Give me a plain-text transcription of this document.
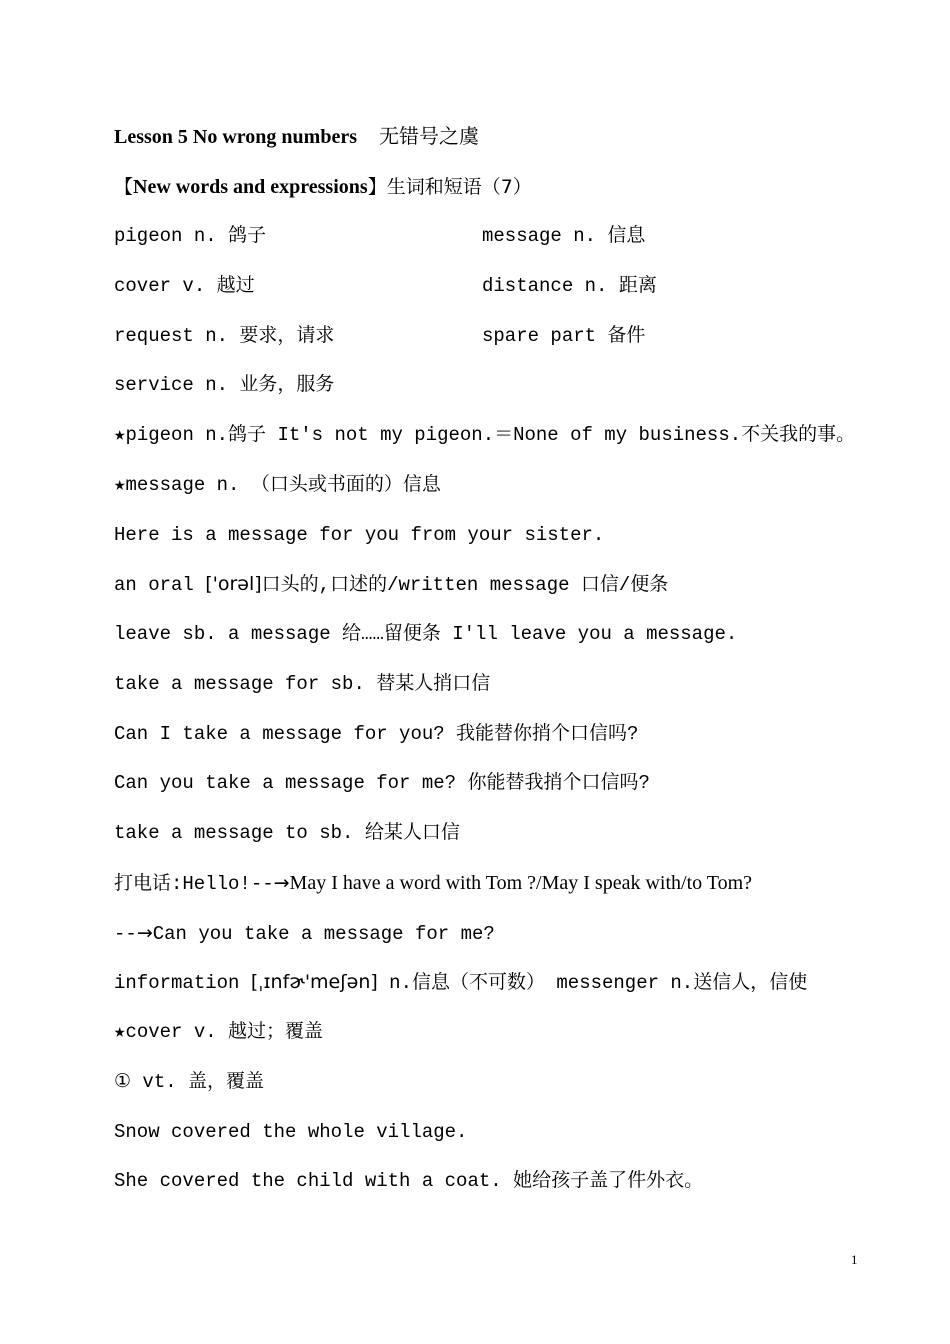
Lesson 5 No wrong numbers 无错号之虞
【New words and expressions】生词和短语（7）
pigeon n. 鸽子	message n. 信息
cover v. 越过	distance n. 距离
request n. 要求，请求	spare part 备件
service n. 业务，服务
★pigeon n.鸽子 It's not my pigeon.＝None of my business.不关我的事。
★message n. （口头或书面的）信息
Here is a message for you from your sister.
an oral ['orəl]口头的,口述的/written message 口信/便条
leave sb. a message 给……留便条 I'll leave you a message.
take a message for sb. 替某人捎口信
Can I take a message for you? 我能替你捎个口信吗?
Can you take a message for me? 你能替我捎个口信吗?
take a message to sb. 给某人口信
打电话:Hello!--→May I have a word with Tom ?/May I speak with/to Tom?
--→Can you take a message for me?
information [ˌɪnfɚ'meʃən] n.信息（不可数） messenger n.送信人，信使
★cover v. 越过；覆盖
① vt. 盖，覆盖
Snow covered the whole village.
She covered the child with a coat. 她给孩子盖了件外衣。
1
